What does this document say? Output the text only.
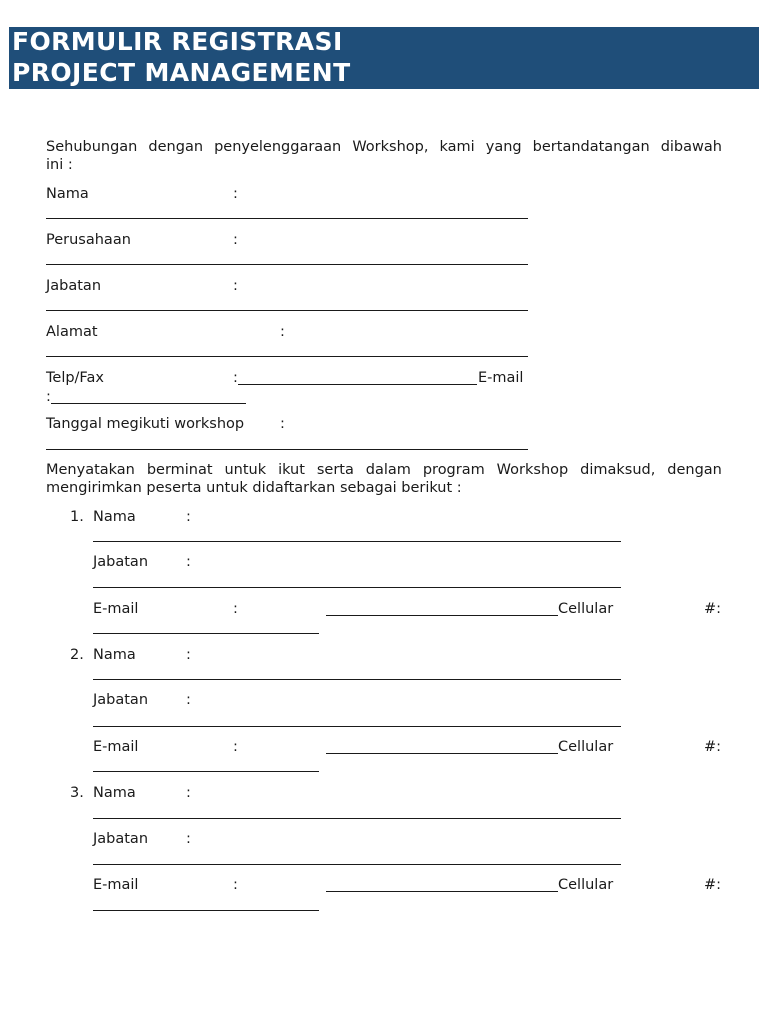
FORMULIR REGISTRASI
PROJECT MANAGEMENT
Sehubungan dengan penyelenggaraan Workshop, kami yang bertandatangan dibawah
ini :
Nama	:
Perusahaan	:
Jabatan	:
Alamat	:
Telp/Fax	:	E-mail
:
Tanggal megikuti workshop :
Menyatakan berminat untuk ikut serta dalam program Workshop dimaksud, dengan
mengirimkan peserta untuk didaftarkan sebagai berikut :
1. Nama	:
Jabatan	:
E-mail	:	Cellular	#:
2. Nama	:
Jabatan	:
E-mail	:	Cellular	#:
3. Nama	:
Jabatan	:
E-mail	:	Cellular	#:
